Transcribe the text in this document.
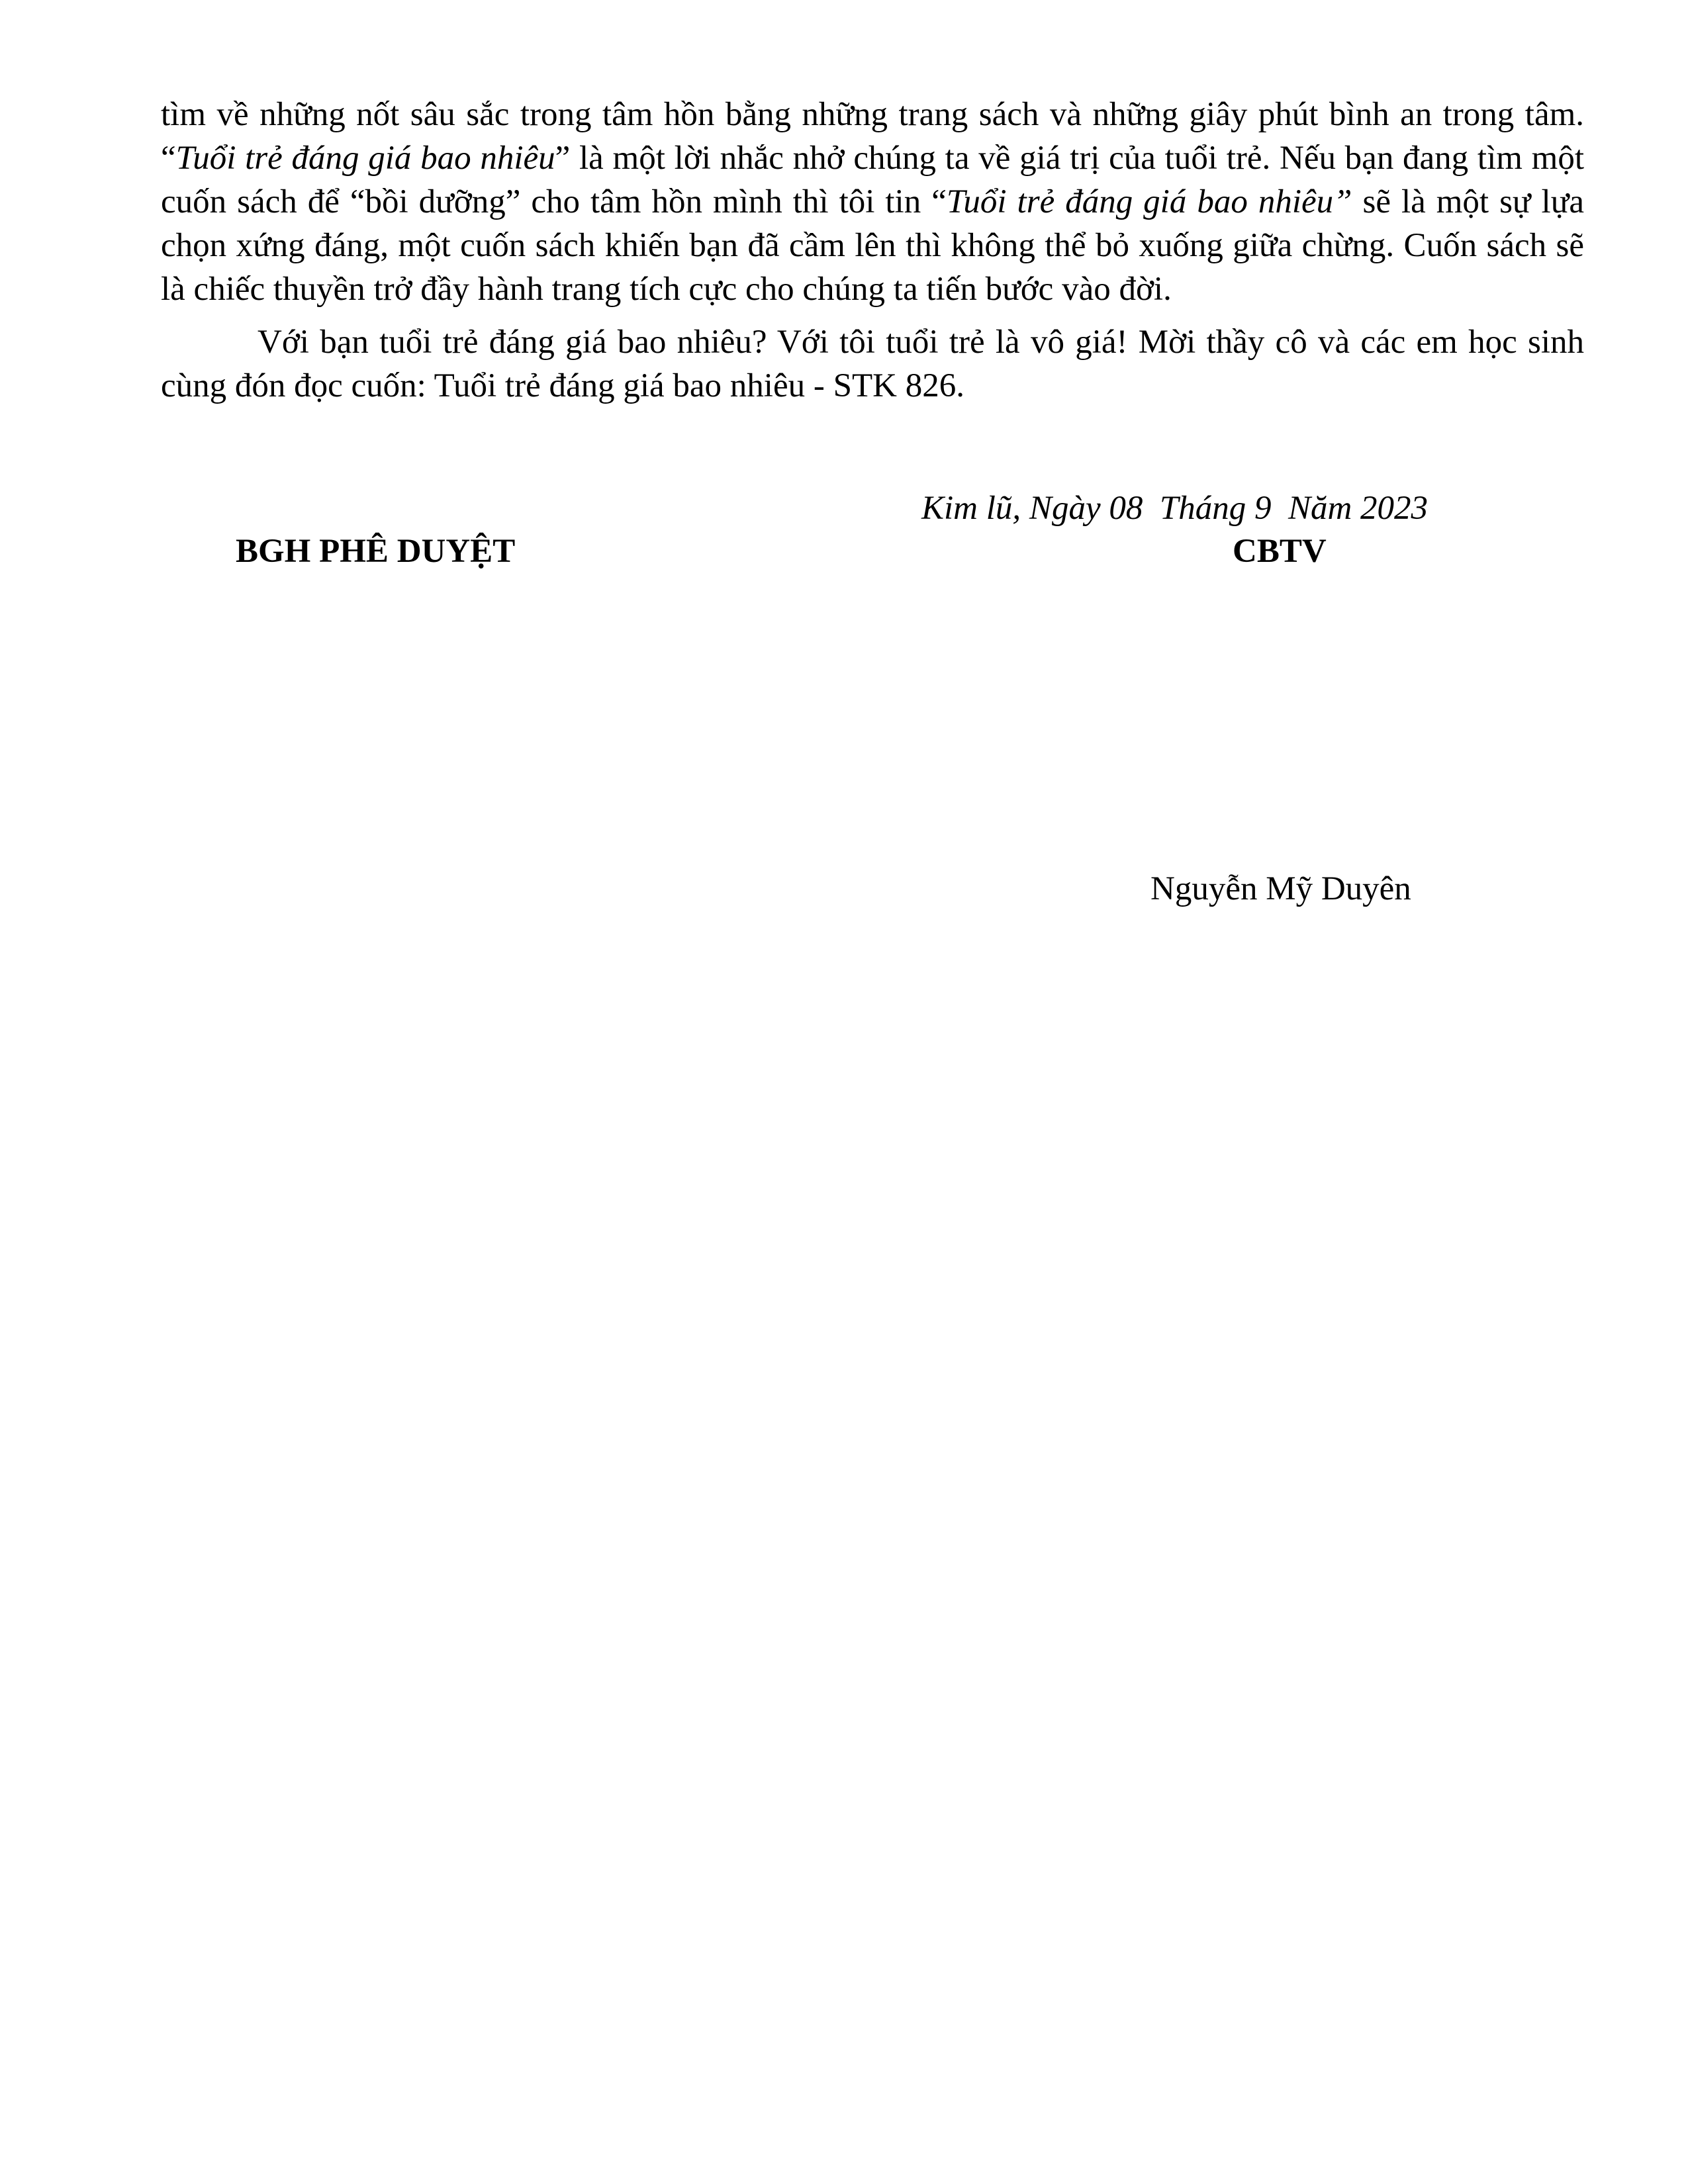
tìm về những nốt sâu sắc trong tâm hồn bằng những trang sách và những giây phút bình an trong tâm. “Tuổi trẻ đáng giá bao nhiêu” là một lời nhắc nhở chúng ta về giá trị của tuổi trẻ. Nếu bạn đang tìm một cuốn sách để “bồi dưỡng” cho tâm hồn mình thì tôi tin “Tuổi trẻ đáng giá bao nhiêu” sẽ là một sự lựa chọn xứng đáng, một cuốn sách khiến bạn đã cầm lên thì không thể bỏ xuống giữa chừng. Cuốn sách sẽ là chiếc thuyền trở đầy hành trang tích cực cho chúng ta tiến bước vào đời.

Với bạn tuổi trẻ đáng giá bao nhiêu? Với tôi tuổi trẻ là vô giá! Mời thầy cô và các em học sinh cùng đón đọc cuốn: Tuổi trẻ đáng giá bao nhiêu - STK 826.

Kim lũ, Ngày 08  Tháng 9  Năm 2023
BGH PHÊ DUYỆT	CBTV
Nguyễn Mỹ Duyên
